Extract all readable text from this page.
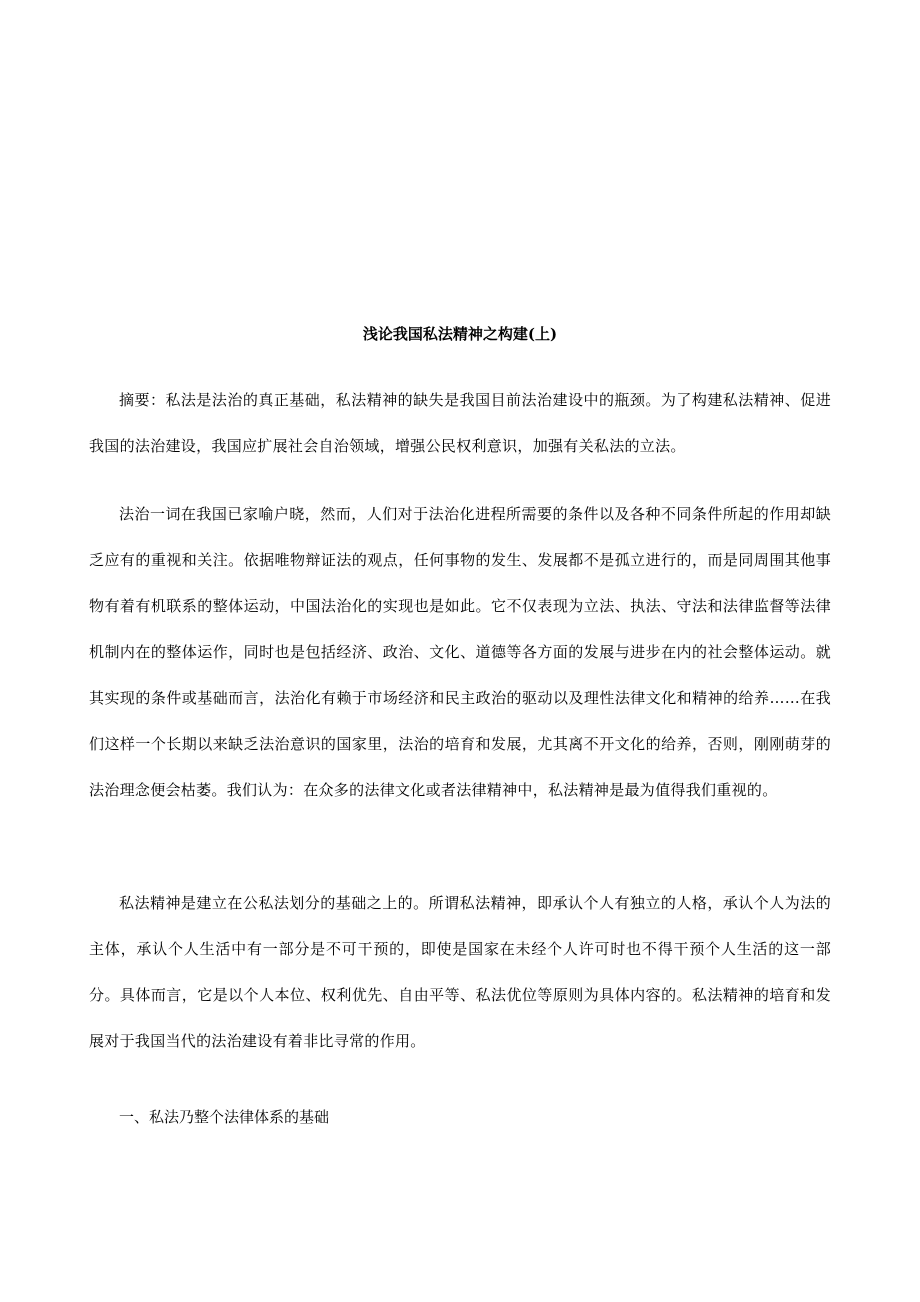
浅论我国私法精神之构建(上)

摘要：私法是法治的真正基础，私法精神的缺失是我国目前法治建设中的瓶颈。为了构建私法精神、促进我国的法治建设，我国应扩展社会自治领域，增强公民权利意识，加强有关私法的立法。

法治一词在我国已家喻户晓，然而，人们对于法治化进程所需要的条件以及各种不同条件所起的作用却缺乏应有的重视和关注。依据唯物辩证法的观点，任何事物的发生、发展都不是孤立进行的，而是同周围其他事物有着有机联系的整体运动，中国法治化的实现也是如此。它不仅表现为立法、执法、守法和法律监督等法律机制内在的整体运作，同时也是包括经济、政治、文化、道德等各方面的发展与进步在内的社会整体运动。就其实现的条件或基础而言，法治化有赖于市场经济和民主政治的驱动以及理性法律文化和精神的给养……在我们这样一个长期以来缺乏法治意识的国家里，法治的培育和发展，尤其离不开文化的给养，否则，刚刚萌芽的法治理念便会枯萎。我们认为：在众多的法律文化或者法律精神中，私法精神是最为值得我们重视的。

私法精神是建立在公私法划分的基础之上的。所谓私法精神，即承认个人有独立的人格，承认个人为法的主体，承认个人生活中有一部分是不可干预的，即使是国家在未经个人许可时也不得干预个人生活的这一部分。具体而言，它是以个人本位、权利优先、自由平等、私法优位等原则为具体内容的。私法精神的培育和发展对于我国当代的法治建设有着非比寻常的作用。

一、私法乃整个法律体系的基础
